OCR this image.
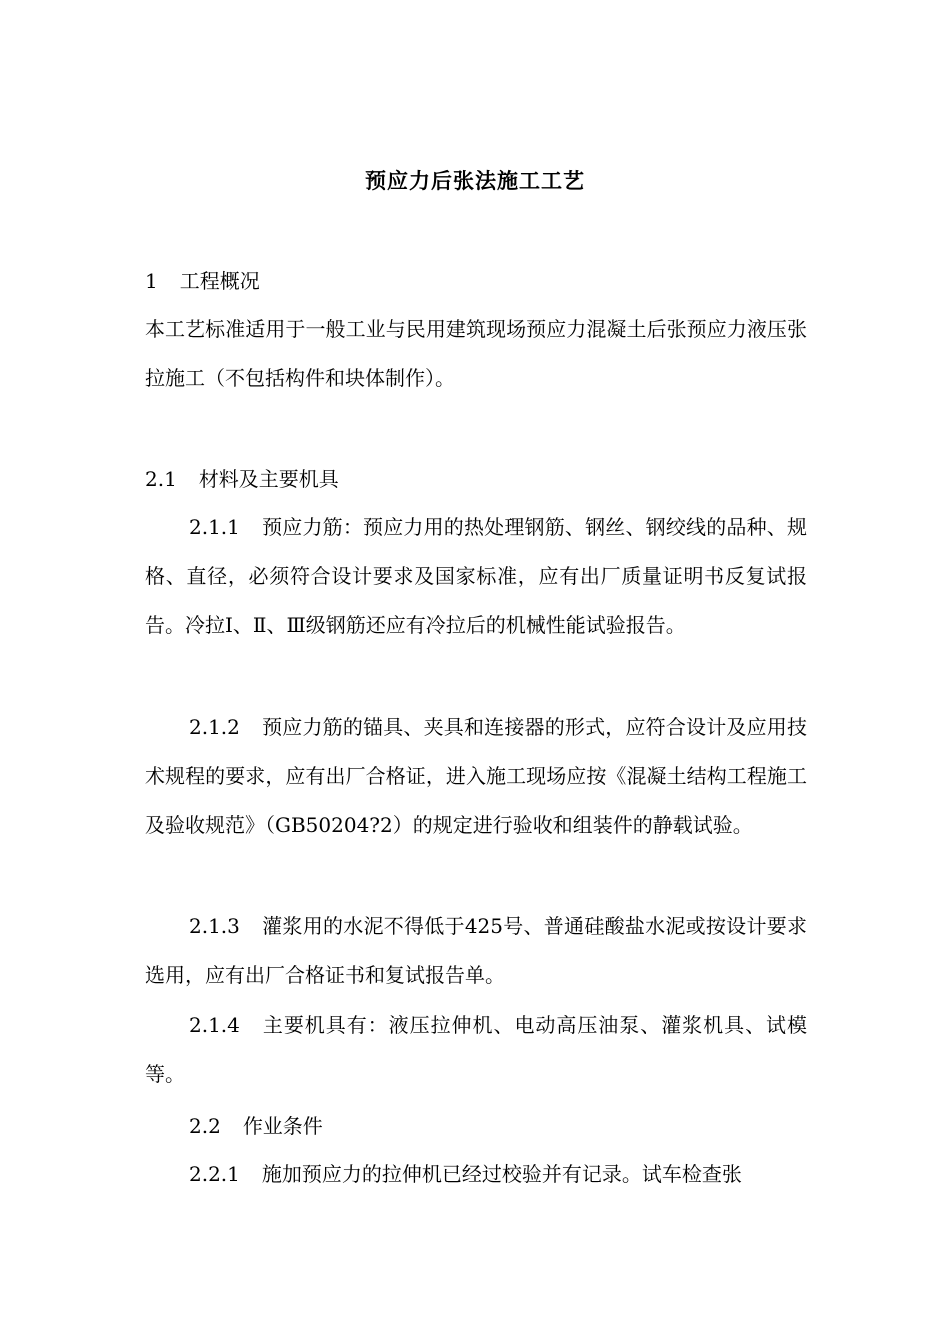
预应力后张法施工工艺
1 工程概况
本工艺标准适用于一般工业与民用建筑现场预应力混凝土后张预应力液压张拉施工（不包括构件和块体制作）。
2.1 材料及主要机具
2.1.1 预应力筋：预应力用的热处理钢筋、钢丝、钢绞线的品种、规格、直径，必须符合设计要求及国家标准，应有出厂质量证明书反复试报告。冷拉Ⅰ、Ⅱ、Ⅲ级钢筋还应有冷拉后的机械性能试验报告。
2.1.2 预应力筋的锚具、夹具和连接器的形式，应符合设计及应用技术规程的要求，应有出厂合格证，进入施工现场应按《混凝土结构工程施工及验收规范》（GB50204?2）的规定进行验收和组装件的静载试验。
2.1.3 灌浆用的水泥不得低于425号、普通硅酸盐水泥或按设计要求选用，应有出厂合格证书和复试报告单。
2.1.4 主要机具有：液压拉伸机、电动高压油泵、灌浆机具、试模等。
2.2 作业条件
2.2.1 施加预应力的拉伸机已经过校验并有记录。试车检查张
